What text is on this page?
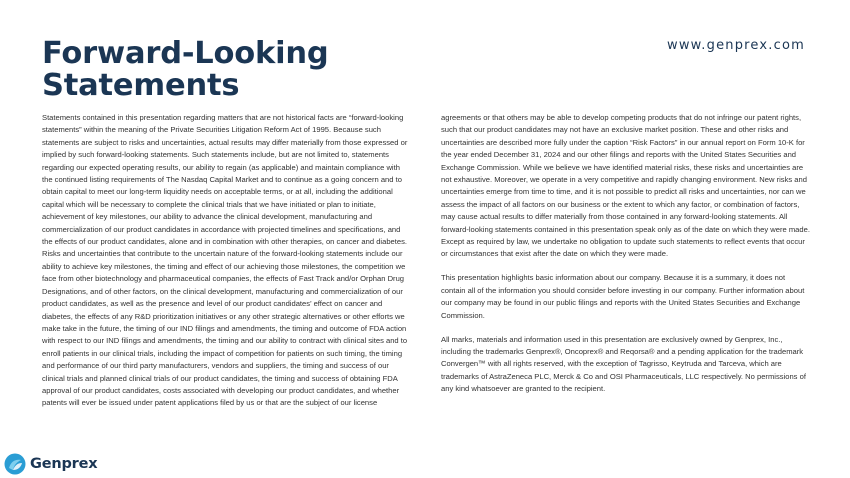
Forward-Looking Statements
www.genprex.com

Statements contained in this presentation regarding matters that are not historical facts are “forward-looking statements” within the meaning of the Private Securities Litigation Reform Act of 1995. Because such statements are subject to risks and uncertainties, actual results may differ materially from those expressed or implied by such forward-looking statements. Such statements include, but are not limited to, statements regarding our expected operating results, our ability to regain (as applicable) and maintain compliance with the continued listing requirements of The Nasdaq Capital Market and to continue as a going concern and to obtain capital to meet our long-term liquidity needs on acceptable terms, or at all, including the additional capital which will be necessary to complete the clinical trials that we have initiated or plan to initiate, achievement of key milestones, our ability to advance the clinical development, manufacturing and commercialization of our product candidates in accordance with projected timelines and specifications, and the effects of our product candidates, alone and in combination with other therapies, on cancer and diabetes. Risks and uncertainties that contribute to the uncertain nature of the forward-looking statements include our ability to achieve key milestones, the timing and effect of our achieving those milestones, the competition we face from other biotechnology and pharmaceutical companies, the effects of Fast Track and/or Orphan Drug Designations, and of other factors, on the clinical development, manufacturing and commercialization of our product candidates, as well as the presence and level of our product candidates’ effect on cancer and diabetes, the effects of any R&D prioritization initiatives or any other strategic alternatives or other efforts we make take in the future, the timing of our IND filings and amendments, the timing and outcome of FDA action with respect to our IND filings and amendments, the timing and our ability to contract with clinical sites and to enroll patients in our clinical trials, including the impact of competition for patients on such timing, the timing and performance of our third party manufacturers, vendors and suppliers, the timing and success of our clinical trials and planned clinical trials of our product candidates, the timing and success of obtaining FDA approval of our product candidates, costs associated with developing our product candidates, and whether patents will ever be issued under patent applications filed by us or that are the subject of our license

agreements or that others may be able to develop competing products that do not infringe our patent rights, such that our product candidates may not have an exclusive market position. These and other risks and uncertainties are described more fully under the caption “Risk Factors” in our annual report on Form 10-K for the year ended December 31, 2024 and our other filings and reports with the United States Securities and Exchange Commission. While we believe we have identified material risks, these risks and uncertainties are not exhaustive. Moreover, we operate in a very competitive and rapidly changing environment. New risks and uncertainties emerge from time to time, and it is not possible to predict all risks and uncertainties, nor can we assess the impact of all factors on our business or the extent to which any factor, or combination of factors, may cause actual results to differ materially from those contained in any forward-looking statements. All forward-looking statements contained in this presentation speak only as of the date on which they were made. Except as required by law, we undertake no obligation to update such statements to reflect events that occur or circumstances that exist after the date on which they were made.

This presentation highlights basic information about our company. Because it is a summary, it does not contain all of the information you should consider before investing in our company. Further information about our company may be found in our public filings and reports with the United States Securities and Exchange Commission.

All marks, materials and information used in this presentation are exclusively owned by Genprex, Inc., including the trademarks Genprex®, Oncoprex® and Reqorsa® and a pending application for the trademark Convergen™ with all rights reserved, with the exception of Tagrisso, Keytruda and Tarceva, which are trademarks of AstraZeneca PLC, Merck & Co and OSI Pharmaceuticals, LLC respectively. No permissions of any kind whatsoever are granted to the recipient.

Genprex
